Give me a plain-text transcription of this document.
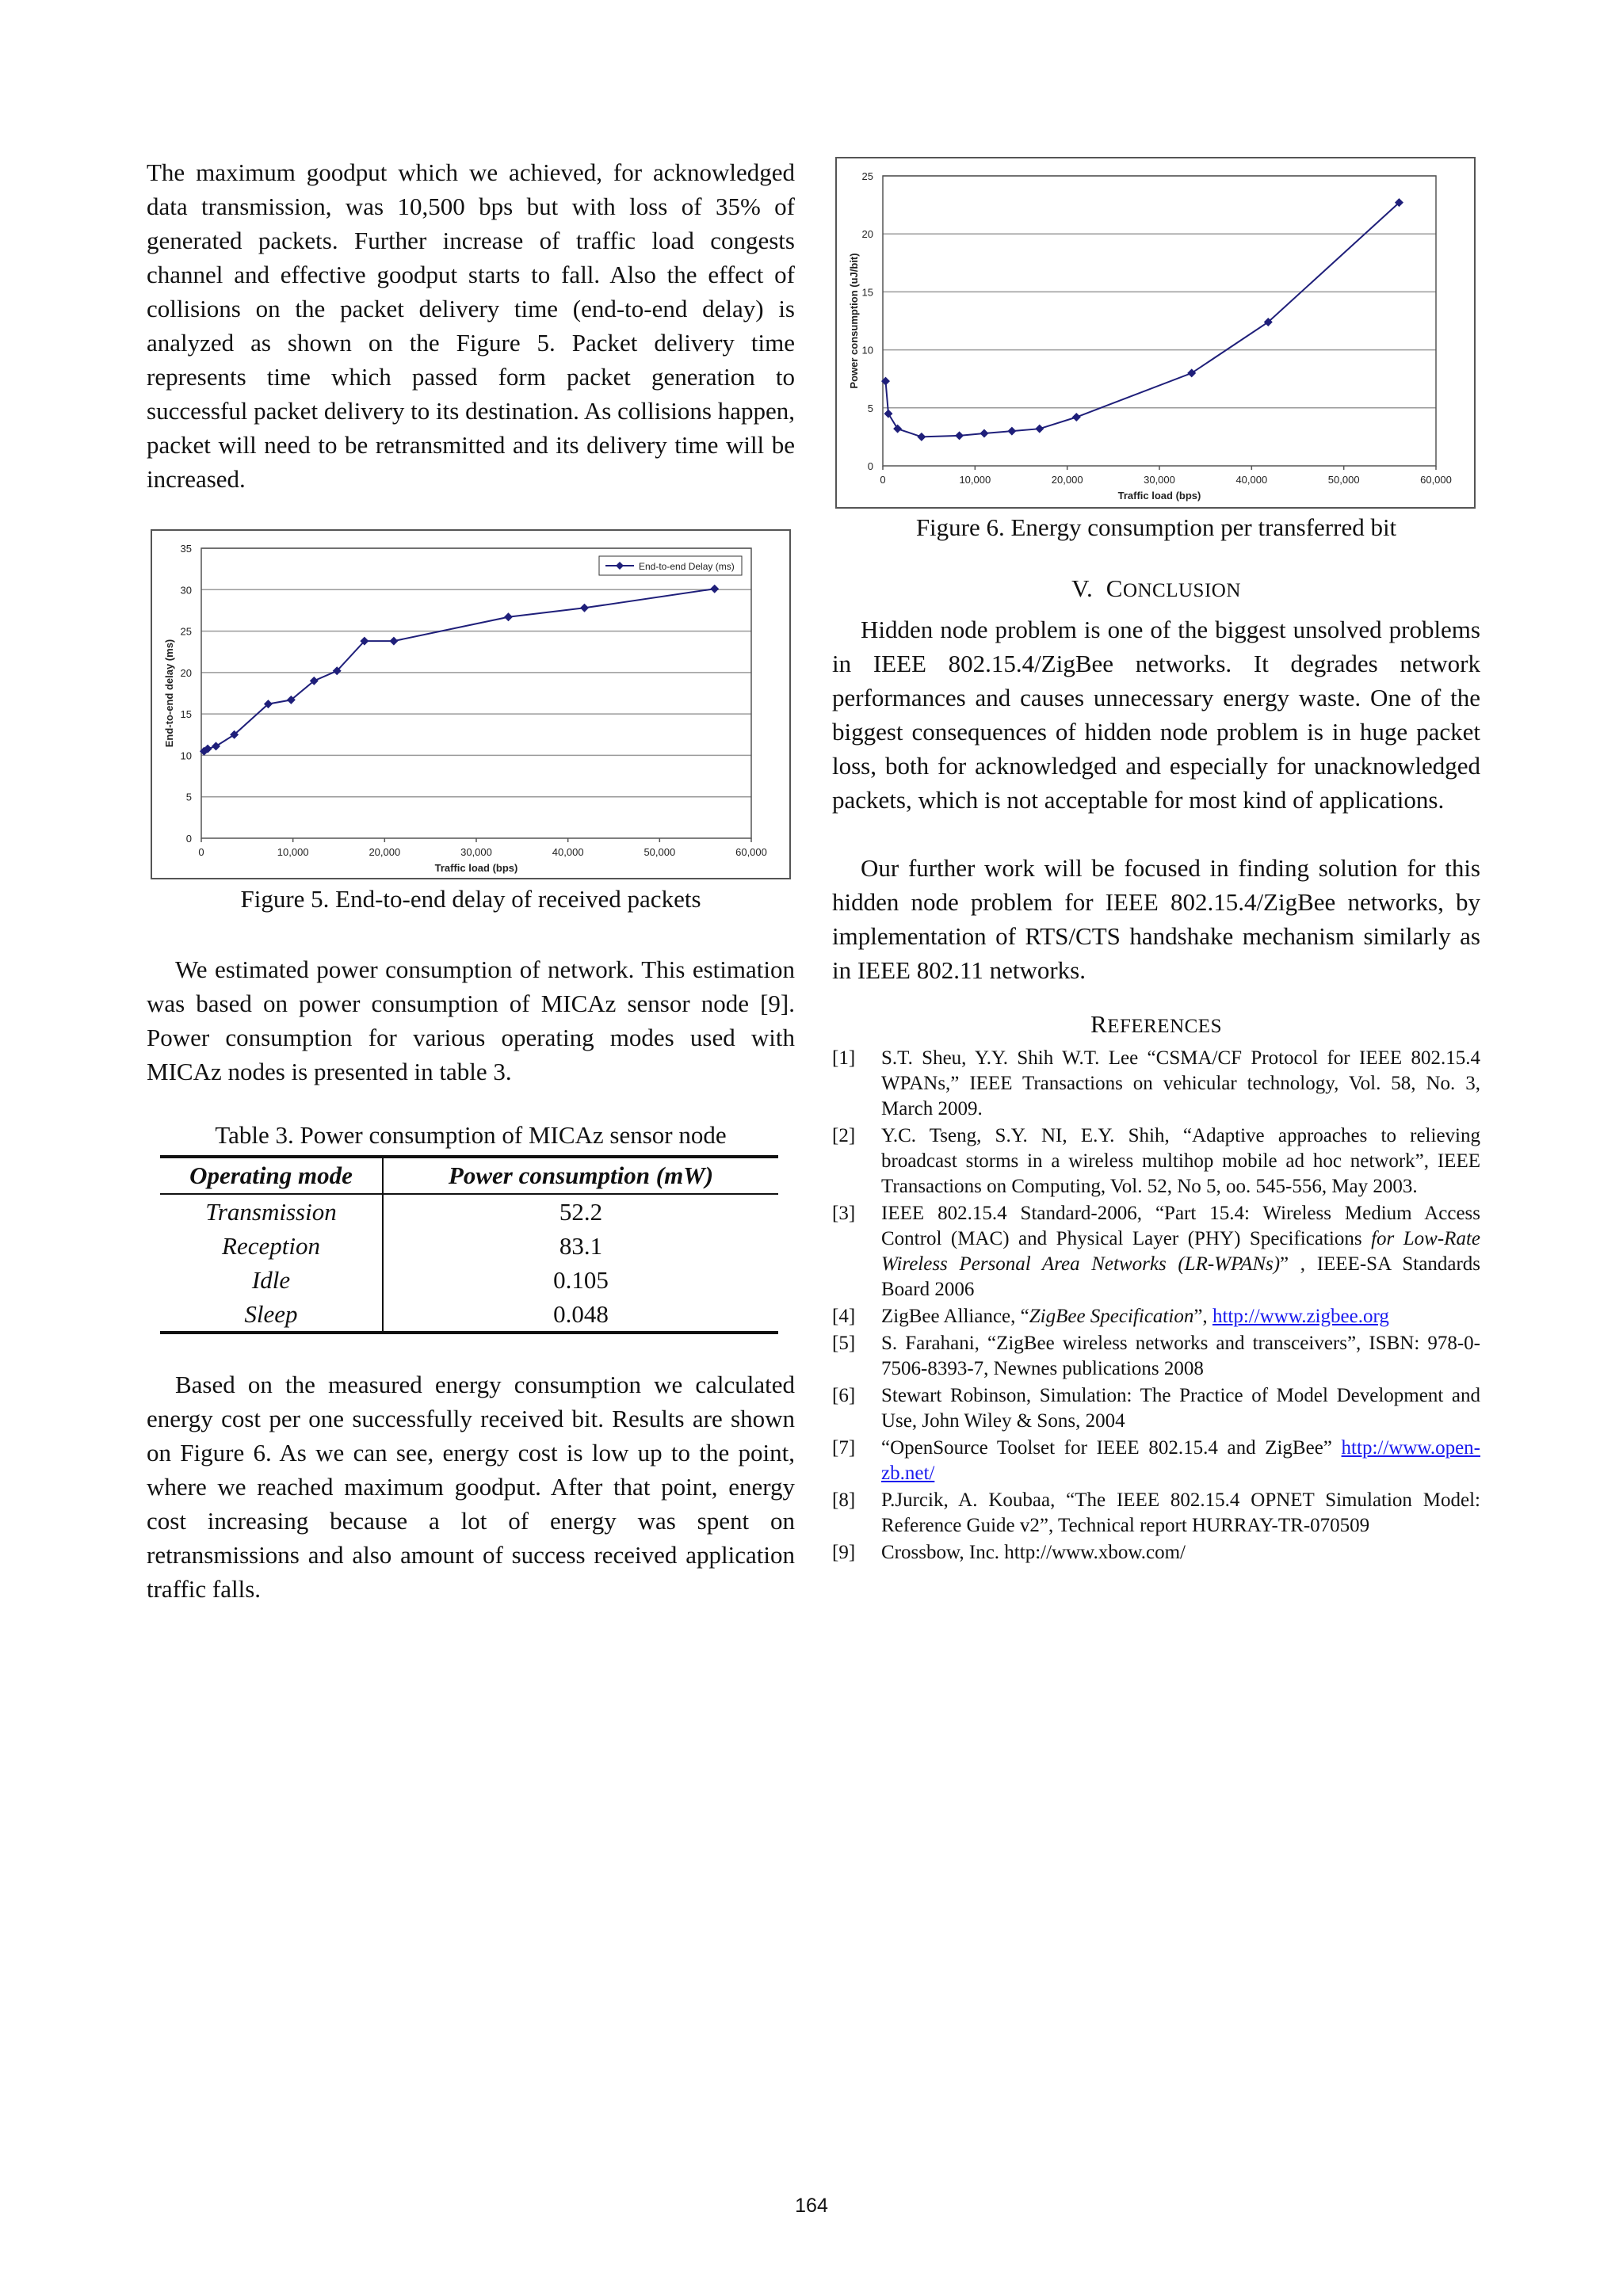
The maximum goodput which we achieved, for acknowledged data transmission, was 10,500 bps but with loss of 35% of generated packets. Further increase of traffic load congests channel and effective goodput starts to fall. Also the effect of collisions on the packet delivery time (end-to-end delay) is analyzed as shown on the Figure 5. Packet delivery time represents time which passed form packet generation to successful packet delivery to its destination. As collisions happen, packet will need to be retransmitted and its delivery time will be increased.

0
5
10
15
20
25
30
35
0	10,000	20,000	30,000	40,000	50,000	60,000
Traffic load (bps)
End-to-end delay (ms)
End-to-end Delay (ms)

Figure 5. End-to-end delay of received packets

We estimated power consumption of network. This estimation was based on power consumption of MICAz sensor node [9]. Power consumption for various operating modes used with MICAz nodes is presented in table 3.

Table 3. Power consumption of MICAz sensor node
Operating mode	Power consumption (mW)
Transmission	52.2
Reception	83.1
Idle	0.105
Sleep	0.048

Based on the measured energy consumption we calculated energy cost per one successfully received bit. Results are shown on Figure 6. As we can see, energy cost is low up to the point, where we reached maximum goodput. After that point, energy cost increasing because a lot of energy was spent on retransmissions and also amount of success received application traffic falls.

0
5
10
15
20
25
0	10,000	20,000	30,000	40,000	50,000	60,000
Traffic load (bps)
Power consumption (uJ/bit)

Figure 6. Energy consumption per transferred bit

V. CONCLUSION

Hidden node problem is one of the biggest unsolved problems in IEEE 802.15.4/ZigBee networks. It degrades network performances and causes unnecessary energy waste. One of the biggest consequences of hidden node problem is in huge packet loss, both for acknowledged and especially for unacknowledged packets, which is not acceptable for most kind of applications.

Our further work will be focused in finding solution for this hidden node problem for IEEE 802.15.4/ZigBee networks, by implementation of RTS/CTS handshake mechanism similarly as in IEEE 802.11 networks.

REFERENCES
[1]	S.T. Sheu, Y.Y. Shih W.T. Lee “CSMA/CF Protocol for IEEE 802.15.4 WPANs,” IEEE Transactions on vehicular technology, Vol. 58, No. 3, March 2009.
[2]	Y.C. Tseng, S.Y. NI, E.Y. Shih, “Adaptive approaches to relieving broadcast storms in a wireless multihop mobile ad hoc network”, IEEE Transactions on Computing, Vol. 52, No 5, oo. 545-556, May 2003.
[3]	IEEE 802.15.4 Standard-2006, “Part 15.4: Wireless Medium Access Control (MAC) and Physical Layer (PHY) Specifications for Low-Rate Wireless Personal Area Networks (LR-WPANs)” , IEEE-SA Standards Board 2006
[4]	ZigBee Alliance, “ZigBee Specification”, http://www.zigbee.org
[5]	S. Farahani, “ZigBee wireless networks and transceivers”, ISBN: 978-0-7506-8393-7, Newnes publications 2008
[6]	Stewart Robinson, Simulation: The Practice of Model Development and Use, John Wiley & Sons, 2004
[7]	“OpenSource Toolset for IEEE 802.15.4 and ZigBee” http://www.open-zb.net/
[8]	P.Jurcik, A. Koubaa, “The IEEE 802.15.4 OPNET Simulation Model: Reference Guide v2”, Technical report HURRAY-TR-070509
[9]	Crossbow, Inc. http://www.xbow.com/
164
